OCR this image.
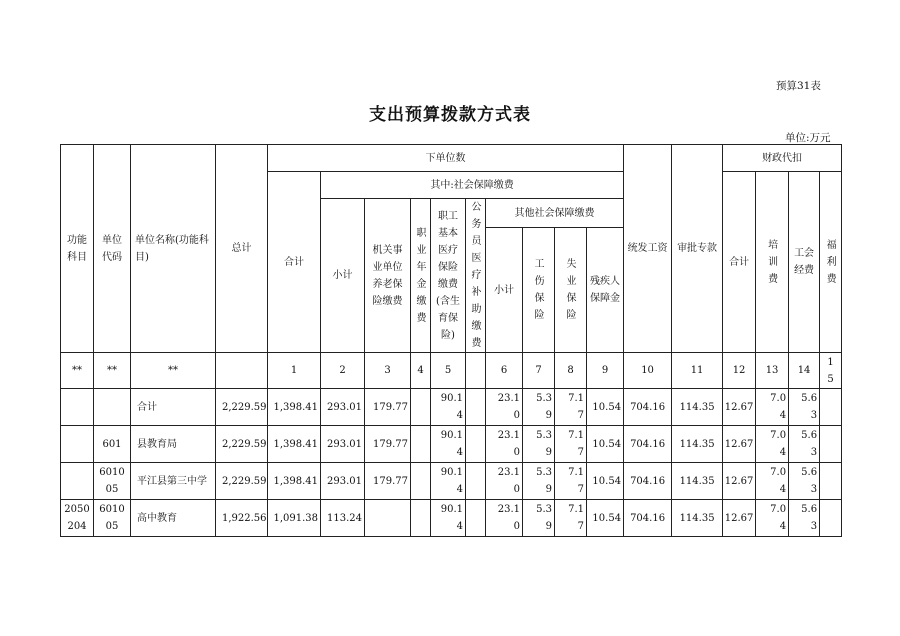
预算31表
支出预算拨款方式表
单位:万元
功能科目	单位代码	单位名称(功能科目)	总计	下单位数										统发工资	审批专款	财政代扣			
				合计	其中:社会保障缴费											合计	培训费	工会经费	福利费
					小计	机关事业单位养老保险缴费	职业年金缴费	职工基本医疗保险缴费(含生育保险)	公务员医疗补助缴费	其他社会保障缴费									
										小计	工伤保险	失业保险	残疾人保障金						
**	**	**		1	2	3	4	5		6	7	8	9	10	11	12	13	14	15
		合计	2,229.59	1,398.41	293.01	179.77		90.14		23.10	5.39	7.17	10.54	704.16	114.35	12.67	7.04	5.63	
	601	县教育局	2,229.59	1,398.41	293.01	179.77		90.14		23.10	5.39	7.17	10.54	704.16	114.35	12.67	7.04	5.63	
	601005	平江县第三中学	2,229.59	1,398.41	293.01	179.77		90.14		23.10	5.39	7.17	10.54	704.16	114.35	12.67	7.04	5.63	
2050204	601005	高中教育	1,922.56	1,091.38	113.24			90.14		23.10	5.39	7.17	10.54	704.16	114.35	12.67	7.04	5.63	
